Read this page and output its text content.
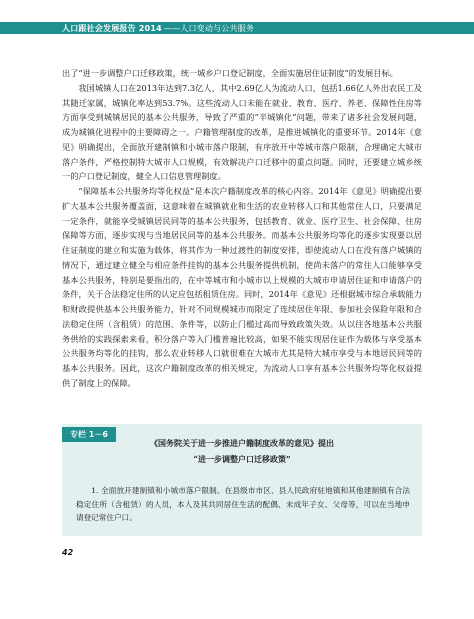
人口跟社会发展报告 2014 ——人口变动与公共服务

出了“进一步调整户口迁移政策，统一城乡户口登记制度，全面实施居住证制度”的发展目标。

我国城镇人口在2013年达到7.3亿人，其中2.69亿人为流动人口，包括1.66亿人外出农民工及其随迁家属，城镇化率达到53.7%。这些流动人口未能在就业、教育、医疗、养老、保障性住房等方面享受到城镇居民的基本公共服务，导致了严重的“半城镇化”问题，带来了诸多社会发展问题，成为城镇化进程中的主要障碍之一。户籍管理制度的改革，是推进城镇化的重要环节。2014年《意见》明确提出，全面放开建制镇和小城市落户限制，有序放开中等城市落户限制，合理确定大城市落户条件，严格控制特大城市人口规模，有效解决户口迁移中的重点问题。同时，还要建立城乡统一的户口登记制度，健全人口信息管理制度。

“保障基本公共服务均等化权益”是本次户籍制度改革的核心内容。2014年《意见》明确提出要扩大基本公共服务覆盖面，这意味着在城镇就业和生活的农业转移人口和其他常住人口，只要满足一定条件，就能享受城镇居民同等的基本公共服务，包括教育、就业、医疗卫生、社会保障、住房保障等方面，逐步实现与当地居民同等的基本公共服务。而基本公共服务均等化的逐步实现要以居住证制度的建立和实施为载体，将其作为一种过渡性的制度安排，即使流动人口在没有落户城镇的情况下，通过建立健全与相应条件挂钩的基本公共服务提供机制，使尚未落户的常住人口能够享受基本公共服务，特别是要指出的，在中等城市和小城市以上规模的大城市申请居住证和申请落户的条件，关于合法稳定住所的认定应包括租赁住房。同时，2014年《意见》还根据城市综合承载能力和财政提供基本公共服务能力，针对不同规模城市而限定了连续居住年限、参加社会保险年限和合法稳定住所（含租赁）的范围、条件等，以防止门槛过高而导致政策失效。从以往各地基本公共服务供给的实践探索来看，积分落户等入门槛普遍比较高，如果不能实现居住证作为载体与享受基本公共服务均等化的挂钩，那么农业转移人口就很难在大城市尤其是特大城市享受与本地居民同等的基本公共服务。因此，这次户籍制度改革的相关规定，为流动人口享有基本公共服务均等化权益提供了制度上的保障。

专栏 1－6
《国务院关于进一步推进户籍制度改革的意见》提出
“进一步调整户口迁移政策”

1. 全面放开建制镇和小城市落户限制。在县级市市区、县人民政府驻地镇和其他建制镇有合法稳定住所（含租赁）的人员，本人及其共同居住生活的配偶、未成年子女、父母等，可以在当地申请登记常住户口。

42
